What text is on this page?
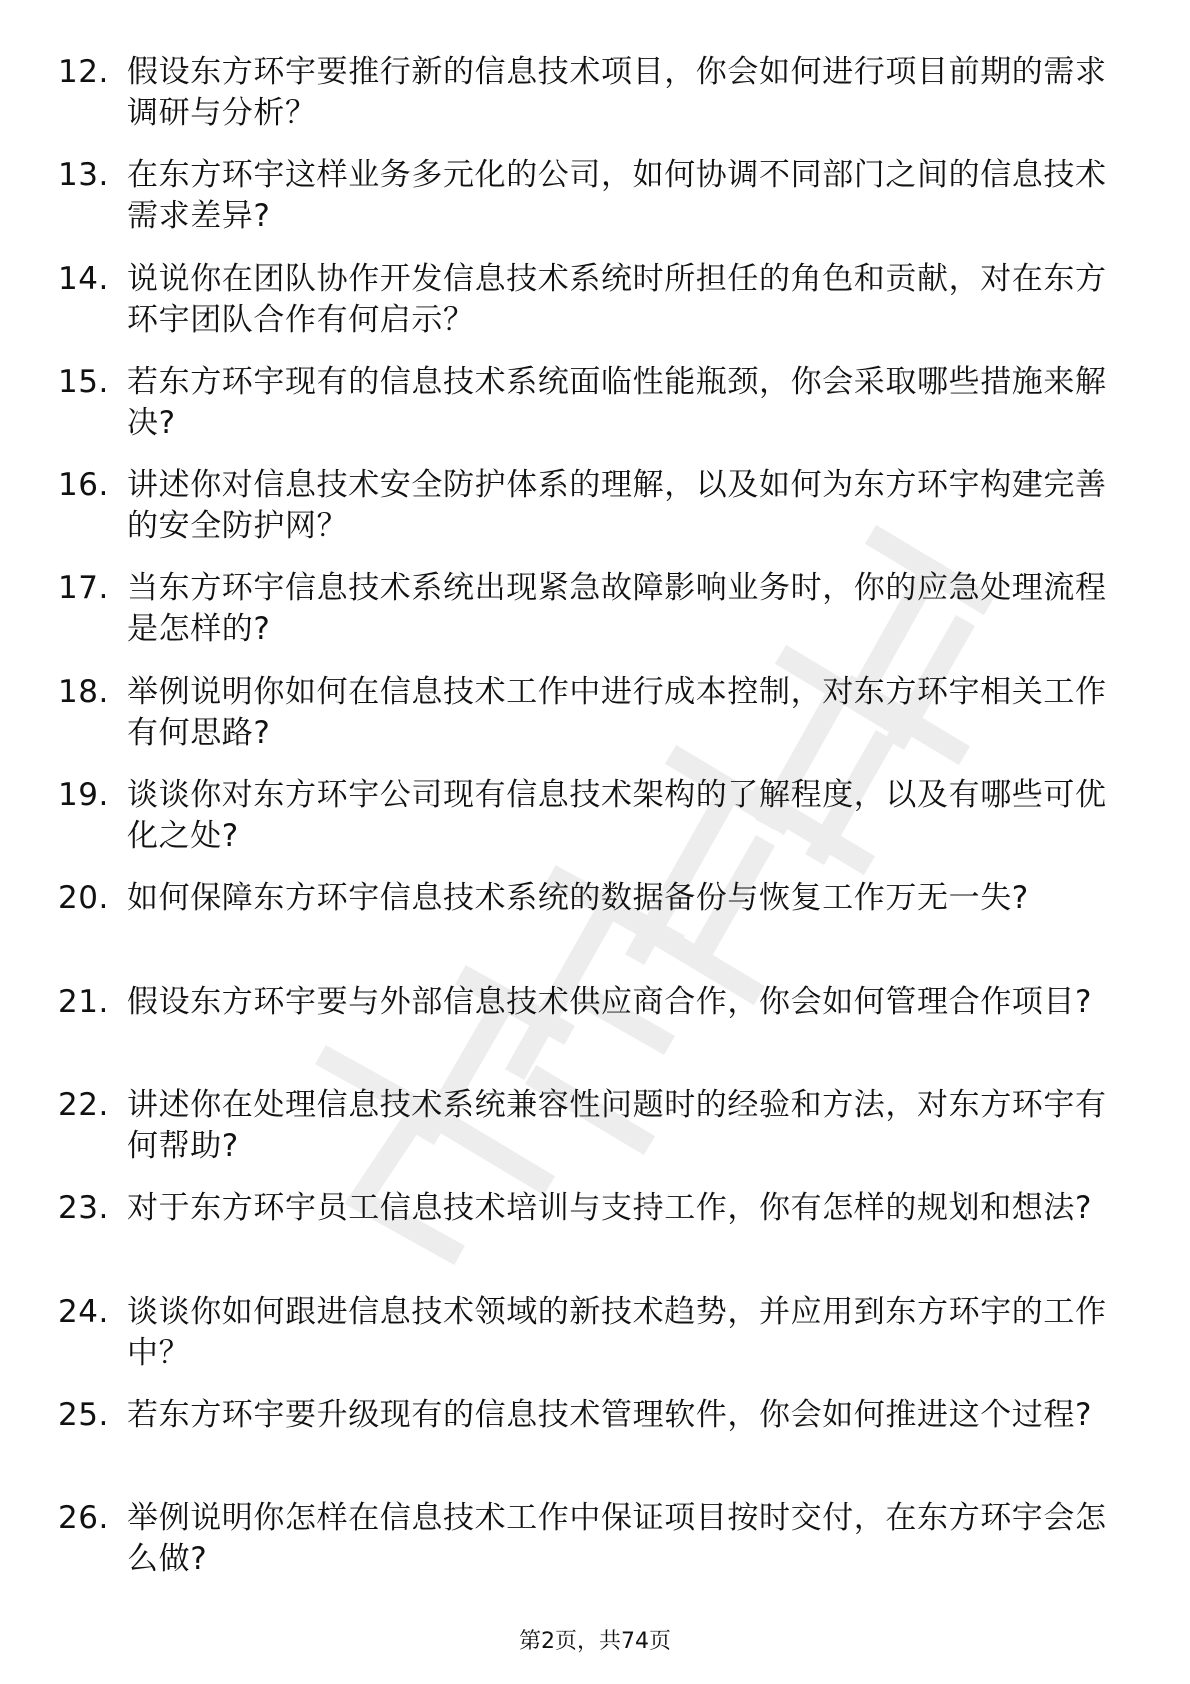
12. 假设东方环宇要推行新的信息技术项目，你会如何进行项目前期的需求调研与分析？
13. 在东方环宇这样业务多元化的公司，如何协调不同部门之间的信息技术需求差异?
14. 说说你在团队协作开发信息技术系统时所担任的角色和贡献，对在东方环宇团队合作有何启示？
15. 若东方环宇现有的信息技术系统面临性能瓶颈，你会采取哪些措施来解决?
16. 讲述你对信息技术安全防护体系的理解，以及如何为东方环宇构建完善的安全防护网？
17. 当东方环宇信息技术系统出现紧急故障影响业务时，你的应急处理流程是怎样的?
18. 举例说明你如何在信息技术工作中进行成本控制，对东方环宇相关工作有何思路?
19. 谈谈你对东方环宇公司现有信息技术架构的了解程度，以及有哪些可优化之处?
20. 如何保障东方环宇信息技术系统的数据备份与恢复工作万无一失?
21. 假设东方环宇要与外部信息技术供应商合作，你会如何管理合作项目?
22. 讲述你在处理信息技术系统兼容性问题时的经验和方法，对东方环宇有何帮助?
23. 对于东方环宇员工信息技术培训与支持工作，你有怎样的规划和想法?
24. 谈谈你如何跟进信息技术领域的新技术趋势，并应用到东方环宇的工作中？
25. 若东方环宇要升级现有的信息技术管理软件，你会如何推进这个过程?
26. 举例说明你怎样在信息技术工作中保证项目按时交付，在东方环宇会怎么做?
第2页，共74页
